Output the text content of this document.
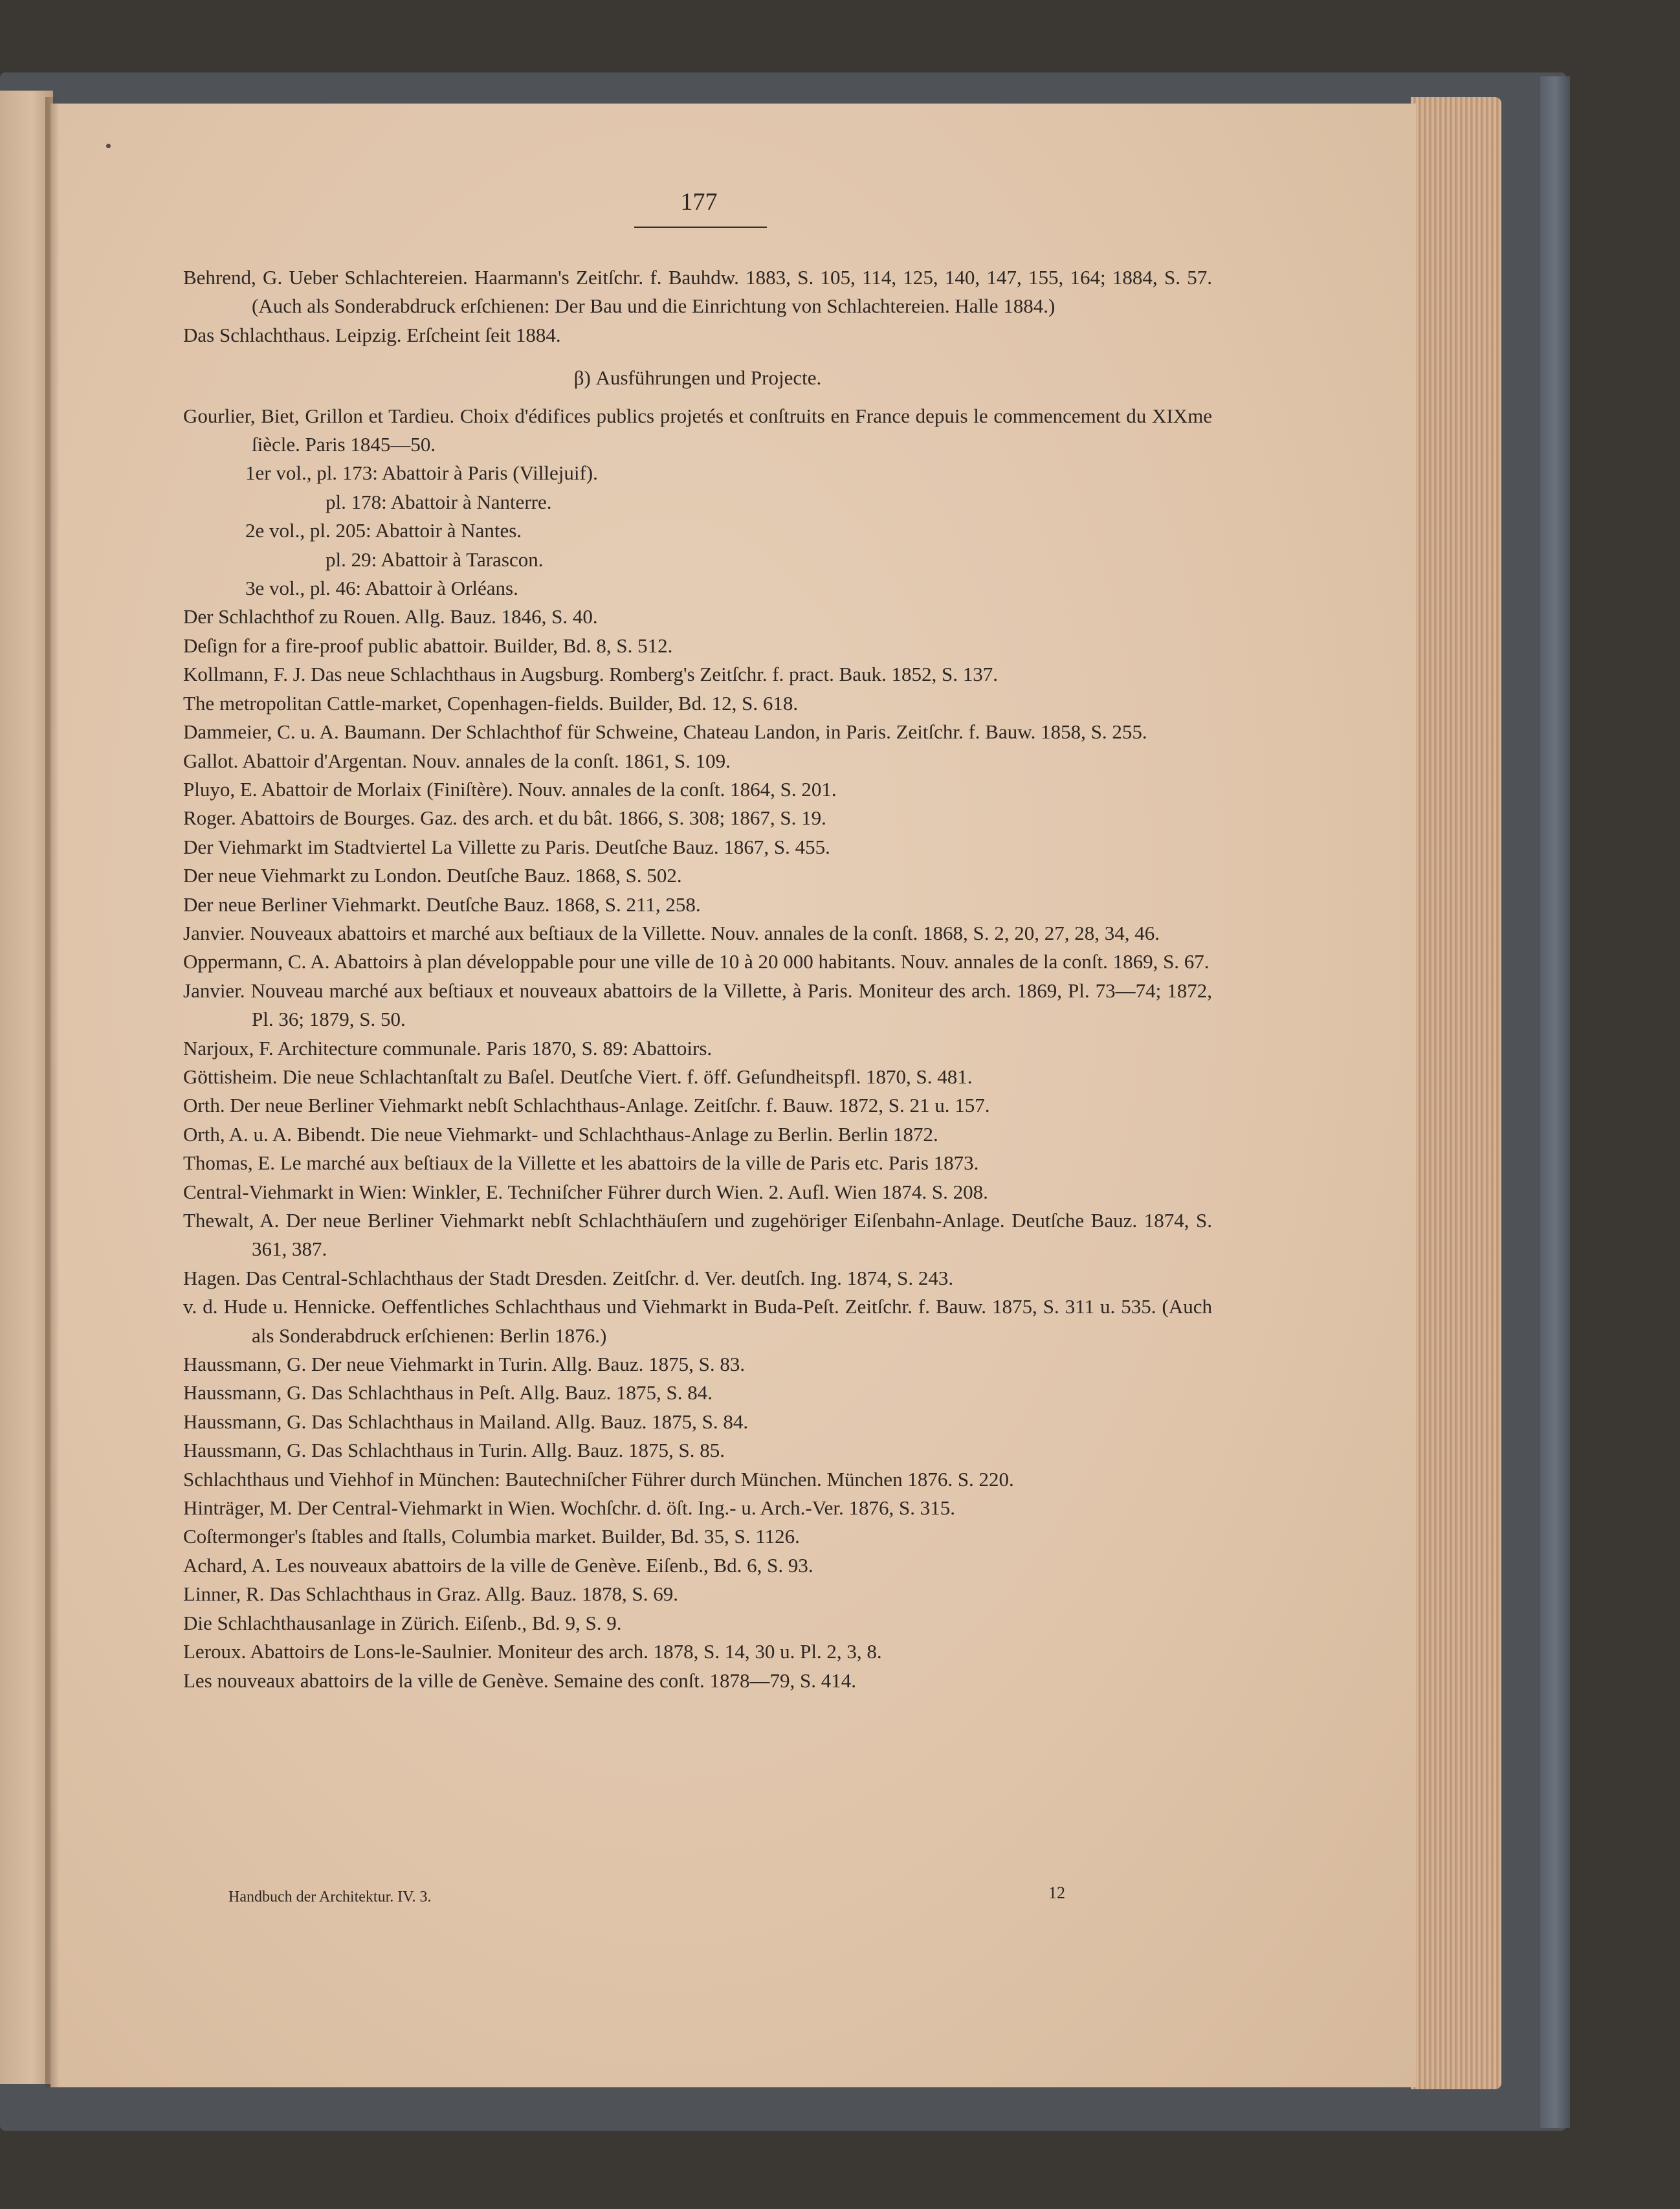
177
Behrend, G. Ueber Schlachtereien. Haarmann's Zeitſchr. f. Bauhdw. 1883, S. 105, 114, 125, 140, 147, 155, 164; 1884, S. 57. (Auch als Sonderabdruck erſchienen: Der Bau und die Einrichtung von Schlachtereien. Halle 1884.)
Das Schlachthaus. Leipzig. Erſcheint ſeit 1884.
β) Ausführungen und Projecte.
Gourlier, Biet, Grillon et Tardieu. Choix d'édifices publics projetés et conſtruits en France depuis le commencement du XIXme ſiècle. Paris 1845—50.
1er vol., pl. 173: Abattoir à Paris (Villejuif).
pl. 178: Abattoir à Nanterre.
2e vol., pl. 205: Abattoir à Nantes.
pl. 29: Abattoir à Tarascon.
3e vol., pl. 46: Abattoir à Orléans.
Der Schlachthof zu Rouen. Allg. Bauz. 1846, S. 40.
Deſign for a fire-proof public abattoir. Builder, Bd. 8, S. 512.
Kollmann, F. J. Das neue Schlachthaus in Augsburg. Romberg's Zeitſchr. f. pract. Bauk. 1852, S. 137.
The metropolitan Cattle-market, Copenhagen-fields. Builder, Bd. 12, S. 618.
Dammeier, C. u. A. Baumann. Der Schlachthof für Schweine, Chateau Landon, in Paris. Zeitſchr. f. Bauw. 1858, S. 255.
Gallot. Abattoir d'Argentan. Nouv. annales de la conſt. 1861, S. 109.
Pluyo, E. Abattoir de Morlaix (Finiſtère). Nouv. annales de la conſt. 1864, S. 201.
Roger. Abattoirs de Bourges. Gaz. des arch. et du bât. 1866, S. 308; 1867, S. 19.
Der Viehmarkt im Stadtviertel La Villette zu Paris. Deutſche Bauz. 1867, S. 455.
Der neue Viehmarkt zu London. Deutſche Bauz. 1868, S. 502.
Der neue Berliner Viehmarkt. Deutſche Bauz. 1868, S. 211, 258.
Janvier. Nouveaux abattoirs et marché aux beſtiaux de la Villette. Nouv. annales de la conſt. 1868, S. 2, 20, 27, 28, 34, 46.
Oppermann, C. A. Abattoirs à plan développable pour une ville de 10 à 20 000 habitants. Nouv. annales de la conſt. 1869, S. 67.
Janvier. Nouveau marché aux beſtiaux et nouveaux abattoirs de la Villette, à Paris. Moniteur des arch. 1869, Pl. 73—74; 1872, Pl. 36; 1879, S. 50.
Narjoux, F. Architecture communale. Paris 1870, S. 89: Abattoirs.
Göttisheim. Die neue Schlachtanſtalt zu Baſel. Deutſche Viert. f. öff. Geſundheitspfl. 1870, S. 481.
Orth. Der neue Berliner Viehmarkt nebſt Schlachthaus-Anlage. Zeitſchr. f. Bauw. 1872, S. 21 u. 157.
Orth, A. u. A. Bibendt. Die neue Viehmarkt- und Schlachthaus-Anlage zu Berlin. Berlin 1872.
Thomas, E. Le marché aux beſtiaux de la Villette et les abattoirs de la ville de Paris etc. Paris 1873.
Central-Viehmarkt in Wien: Winkler, E. Techniſcher Führer durch Wien. 2. Aufl. Wien 1874. S. 208.
Thewalt, A. Der neue Berliner Viehmarkt nebſt Schlachthäuſern und zugehöriger Eiſenbahn-Anlage. Deutſche Bauz. 1874, S. 361, 387.
Hagen. Das Central-Schlachthaus der Stadt Dresden. Zeitſchr. d. Ver. deutſch. Ing. 1874, S. 243.
v. d. Hude u. Hennicke. Oeffentliches Schlachthaus und Viehmarkt in Buda-Peſt. Zeitſchr. f. Bauw. 1875, S. 311 u. 535. (Auch als Sonderabdruck erſchienen: Berlin 1876.)
Haussmann, G. Der neue Viehmarkt in Turin. Allg. Bauz. 1875, S. 83.
Haussmann, G. Das Schlachthaus in Peſt. Allg. Bauz. 1875, S. 84.
Haussmann, G. Das Schlachthaus in Mailand. Allg. Bauz. 1875, S. 84.
Haussmann, G. Das Schlachthaus in Turin. Allg. Bauz. 1875, S. 85.
Schlachthaus und Viehhof in München: Bautechniſcher Führer durch München. München 1876. S. 220.
Hinträger, M. Der Central-Viehmarkt in Wien. Wochſchr. d. öſt. Ing.- u. Arch.-Ver. 1876, S. 315.
Coſtermonger's ſtables and ſtalls, Columbia market. Builder, Bd. 35, S. 1126.
Achard, A. Les nouveaux abattoirs de la ville de Genève. Eiſenb., Bd. 6, S. 93.
Linner, R. Das Schlachthaus in Graz. Allg. Bauz. 1878, S. 69.
Die Schlachthausanlage in Zürich. Eiſenb., Bd. 9, S. 9.
Leroux. Abattoirs de Lons-le-Saulnier. Moniteur des arch. 1878, S. 14, 30 u. Pl. 2, 3, 8.
Les nouveaux abattoirs de la ville de Genève. Semaine des conſt. 1878—79, S. 414.
Handbuch der Architektur. IV. 3.	12
